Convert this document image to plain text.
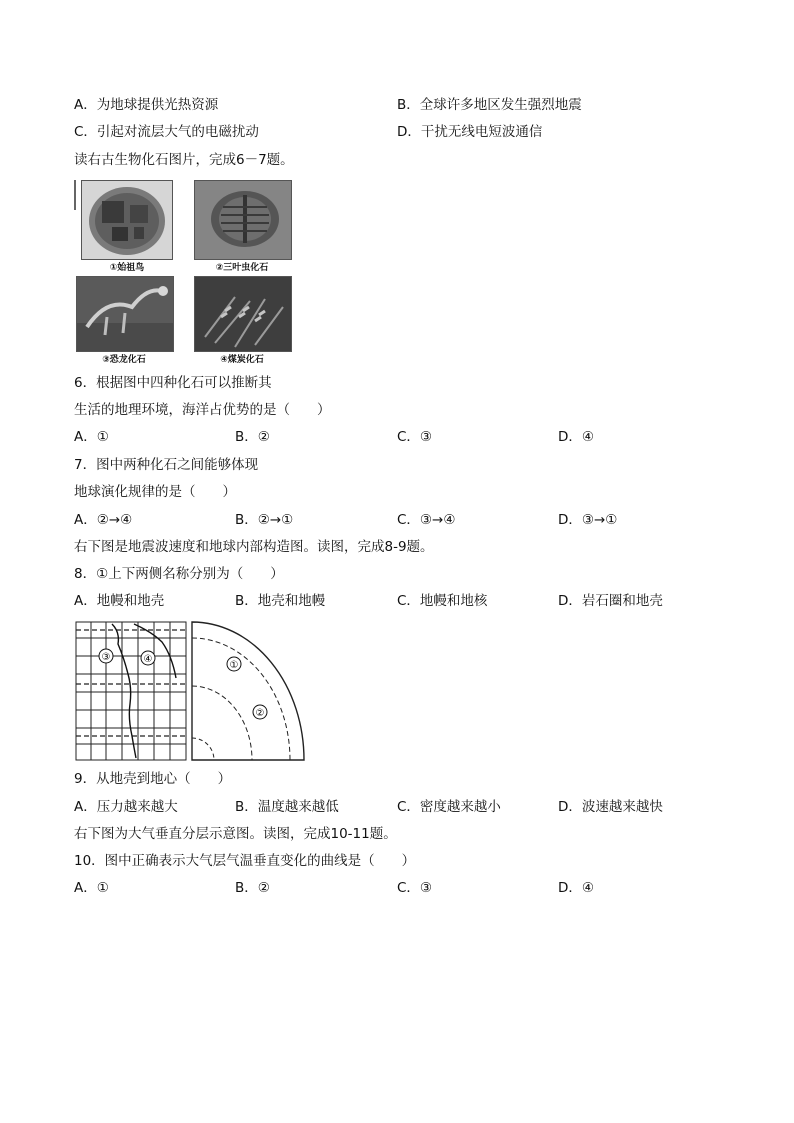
A．为地球提供光热资源	B．全球许多地区发生强烈地震
C．引起对流层大气的电磁扰动	D．干扰无线电短波通信
读右古生物化石图片，完成6－7题。
①始祖鸟	②三叶虫化石
③恐龙化石	④煤炭化石
6．根据图中四种化石可以推断其
生活的地理环境，海洋占优势的是（　　）
A．①	B．②	C．③	D．④
7．图中两种化石之间能够体现
地球演化规律的是（　　）
A．②→④	B．②→①	C．③→④	D．③→①
右下图是地震波速度和地球内部构造图。读图，完成8-9题。
8．①上下两侧名称分别为（　　）
A．地幔和地壳	B．地壳和地幔	C．地幔和地核	D．岩石圈和地壳
③	④
①
②
9．从地壳到地心（　　）
A．压力越来越大	B．温度越来越低	C．密度越来越小	D．波速越来越快
右下图为大气垂直分层示意图。读图，完成10-11题。
10．图中正确表示大气层气温垂直变化的曲线是（　　）
A．①	B．②	C．③	D．④
